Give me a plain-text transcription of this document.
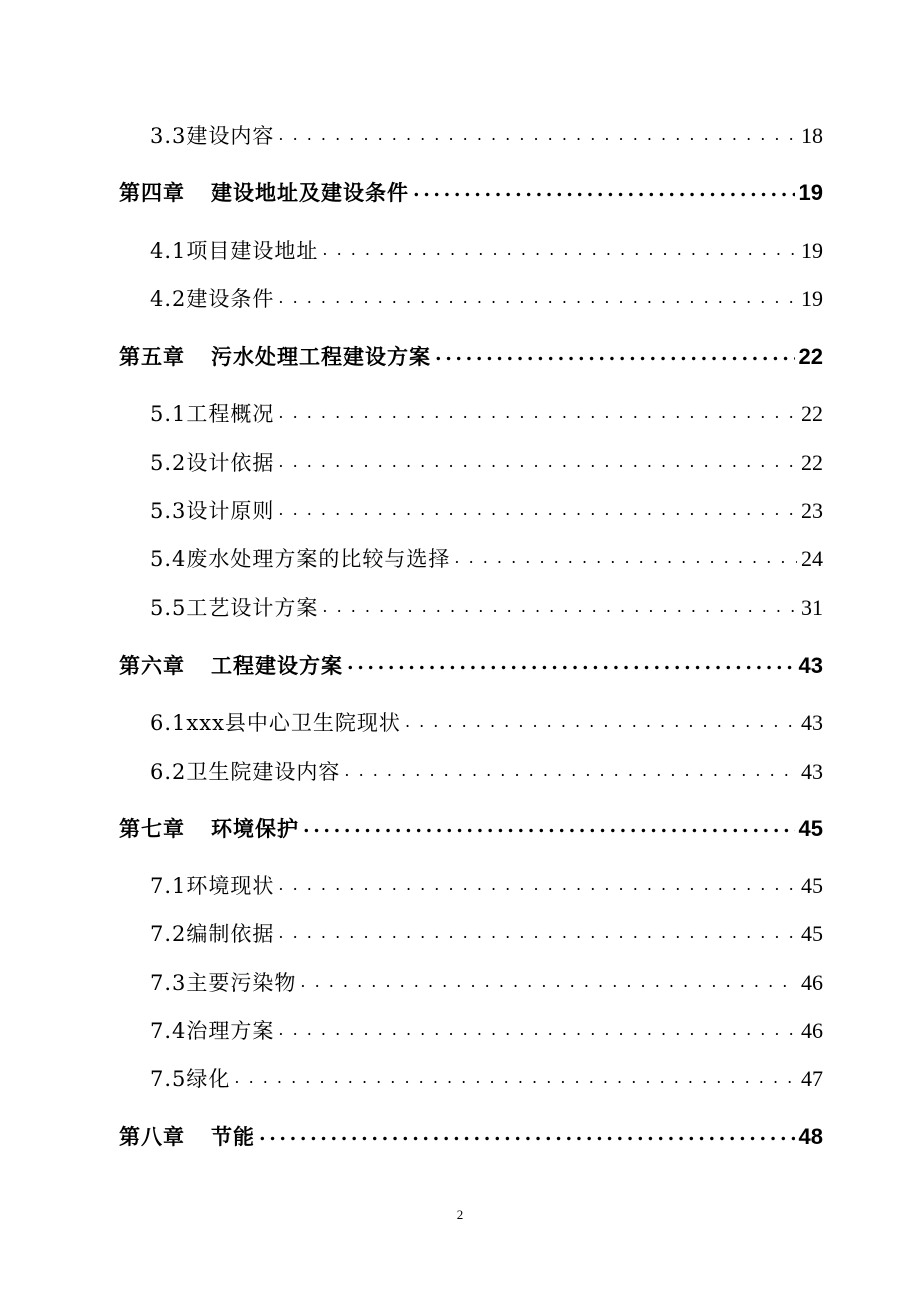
3.3 建设内容 . . .	18
第四章 建设地址及建设条件 .....	19
4.1 项目建设地址 . . .	19
4.2 建设条件 . . .	19
第五章 污水处理工程建设方案 .....	22
5.1 工程概况 . . .	22
5.2 设计依据 . . .	22
5.3 设计原则 . . .	23
5.4 废水处理方案的比较与选择 . . .	24
5.5 工艺设计方案 . . .	31
第六章 工程建设方案 .....	43
6.1 xxx县中心卫生院现状 . . .	43
6.2 卫生院建设内容 . . .	43
第七章 环境保护 .....	45
7.1 环境现状 . . .	45
7.2 编制依据 . . .	45
7.3 主要污染物 . . .	46
7.4 治理方案 . . .	46
7.5 绿化 . . .	47
第八章 节能 .....	48
2
